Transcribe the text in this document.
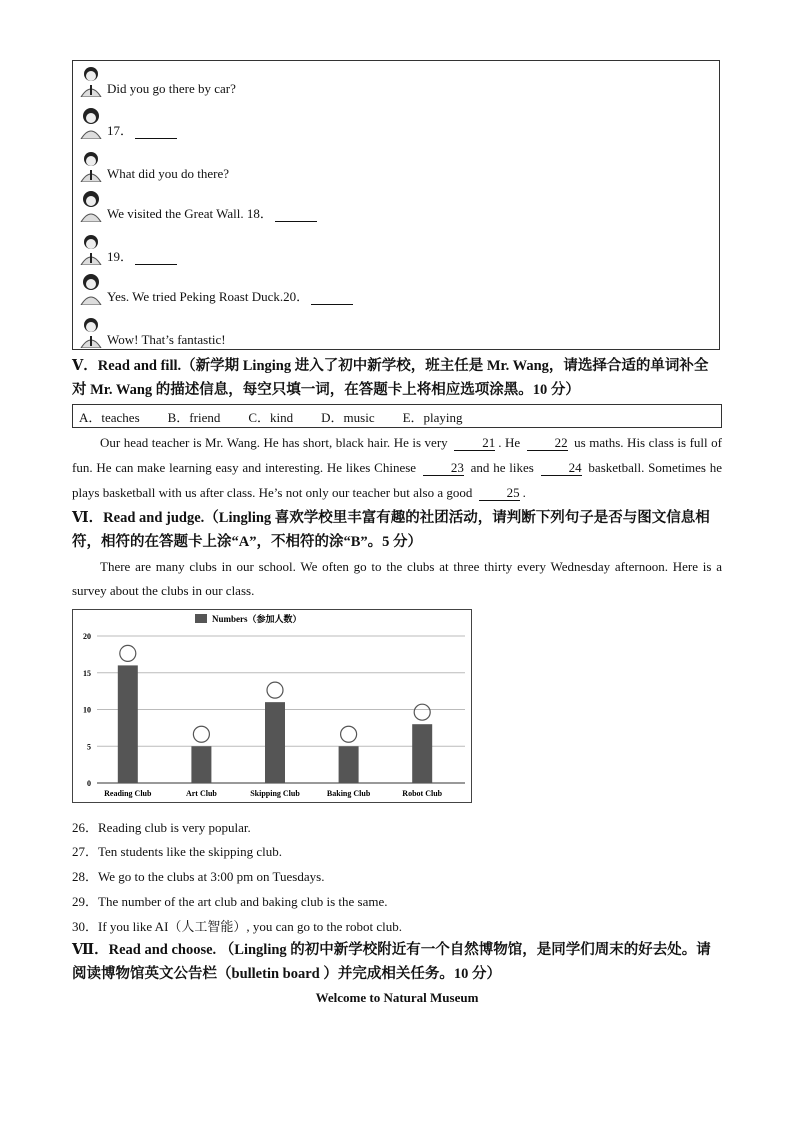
Did you go there by car?
17．
What did you do there?
We visited the Great Wall. 18．
19．
Yes. We tried Peking Roast Duck.20．
Wow! That’s fantastic!
Ⅴ．Read and fill.（新学期 Linging 进入了初中新学校，班主任是 Mr. Wang，请选择合适的单词补全对 Mr. Wang 的描述信息，每空只填一词，在答题卡上将相应选项涂黑。10 分）
A．teaches B．friend C．kind D．music E．playing
Our head teacher is Mr. Wang. He has short, black hair. He is very 21 . He 22 us maths. His class is full of fun. He can make learning easy and interesting. He likes Chinese 23 and he likes 24 basketball. Sometimes he plays basketball with us after class. He’s not only our teacher but also a good 25 .
Ⅵ．Read and judge.（Lingling 喜欢学校里丰富有趣的社团活动，请判断下列句子是否与图文信息相符，相符的在答题卡上涂“A”，不相符的涂“B”。5 分）
There are many clubs in our school. We often go to the clubs at three thirty every Wednesday afternoon. Here is a survey about the clubs in our class.
0
5
10
15
20
Numbers（参加人数）
Reading Club	Art Club	Skipping Club	Baking Club	Robot Club
26．Reading club is very popular.
27．Ten students like the skipping club.
28．We go to the clubs at 3:00 pm on Tuesdays.
29．The number of the art club and baking club is the same.
30．If you like AI（人工智能）, you can go to the robot club.
Ⅶ．Read and choose. （Lingling 的初中新学校附近有一个自然博物馆，是同学们周末的好去处。请阅读博物馆英文公告栏（bulletin board ）并完成相关任务。10 分）
Welcome to Natural Museum
